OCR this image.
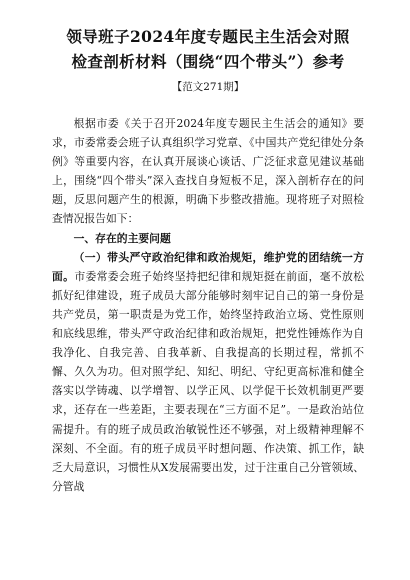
领导班子2024年度专题民主生活会对照
检查剖析材料（围绕“四个带头”）参考
【范文271期】

根据市委《关于召开2024年度专题民主生活会的通知》要求，市委常委会班子认真组织学习党章、《中国共产党纪律处分条例》等重要内容，在认真开展谈心谈话、广泛征求意见建议基础上，围绕“四个带头”深入查找自身短板不足，深入剖析存在的问题，反思问题产生的根源，明确下步整改措施。现将班子对照检查情况报告如下：

一、存在的主要问题

（一）带头严守政治纪律和政治规矩，维护党的团结统一方面。市委常委会班子始终坚持把纪律和规矩挺在前面，毫不放松抓好纪律建设，班子成员大部分能够时刻牢记自己的第一身份是共产党员，第一职责是为党工作，始终坚持政治立场、党性原则和底线思维，带头严守政治纪律和政治规矩，把党性锤炼作为自我净化、自我完善、自我革新、自我提高的长期过程，常抓不懈、久久为功。但对照学纪、知纪、明纪、守纪更高标准和健全落实以学铸魂、以学增智、以学正风、以学促干长效机制更严要求，还存在一些差距，主要表现在“三方面不足”。一是政治站位需提升。有的班子成员政治敏锐性还不够强，对上级精神理解不深刻、不全面。有的班子成员平时想问题、作决策、抓工作，缺乏大局意识，习惯性从X发展需要出发，过于注重自己分管领域、分管战
